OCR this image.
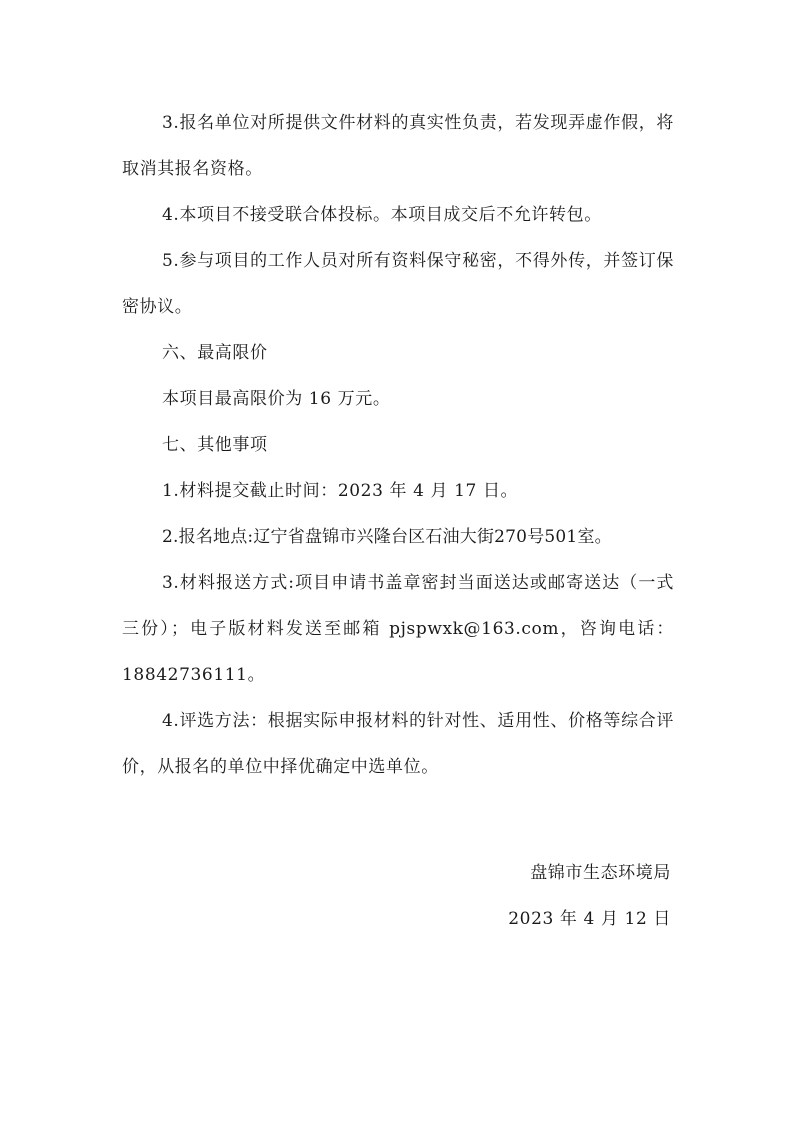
3.报名单位对所提供文件材料的真实性负责，若发现弄虚作假，将取消其报名资格。

4.本项目不接受联合体投标。本项目成交后不允许转包。

5.参与项目的工作人员对所有资料保守秘密，不得外传，并签订保密协议。

六、最高限价

本项目最高限价为 16 万元。

七、其他事项

1.材料提交截止时间：2023 年 4 月 17 日。

2.报名地点:辽宁省盘锦市兴隆台区石油大街270号501室。

3.材料报送方式:项目申请书盖章密封当面送达或邮寄送达（一式三份）；电子版材料发送至邮箱 pjspwxk@163.com，咨询电话：18842736111。

4.评选方法：根据实际申报材料的针对性、适用性、价格等综合评价，从报名的单位中择优确定中选单位。

盘锦市生态环境局
2023 年 4 月 12 日
